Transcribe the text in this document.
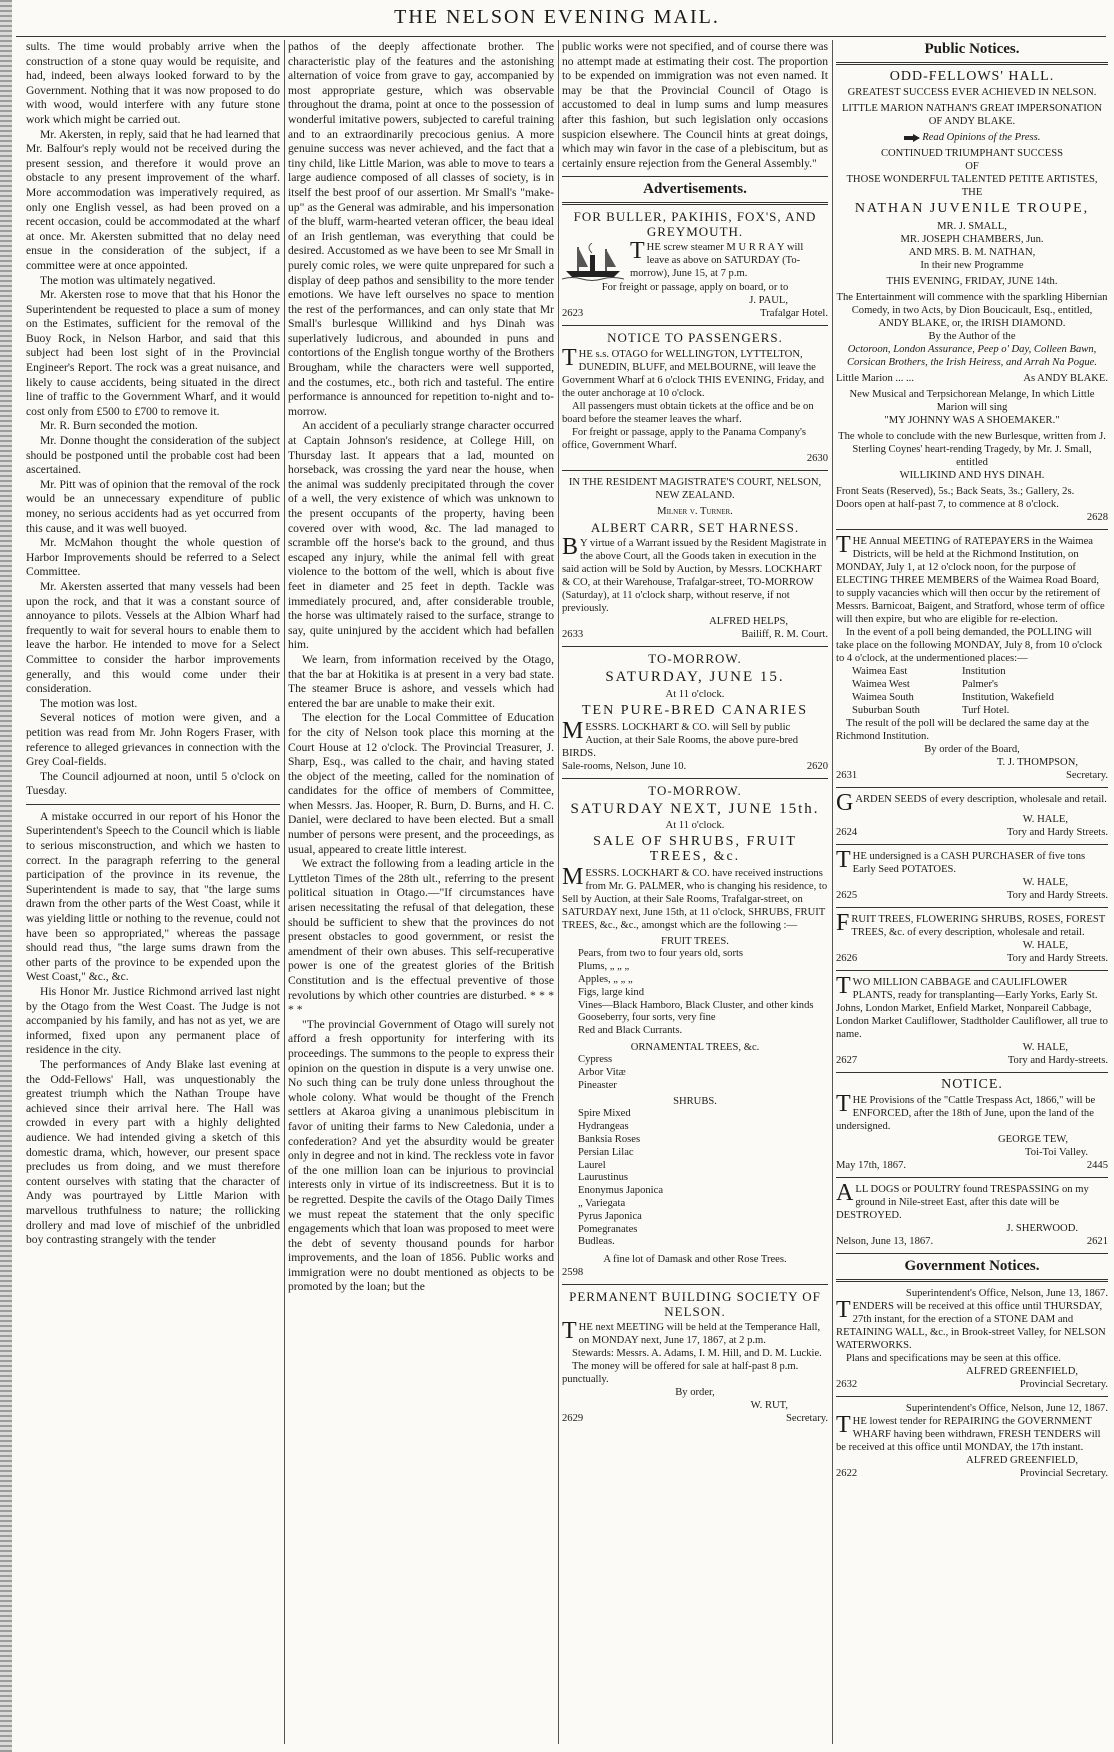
THE NELSON EVENING MAIL.

sults. The time would probably arrive when the construction of a stone quay would be requisite, and had, indeed, been always looked forward to by the Government. Nothing that it was now proposed to do with wood, would interfere with any future stone work which might be carried out.

Mr. Akersten, in reply, said that he had learned that Mr. Balfour's reply would not be received during the present session, and therefore it would prove an obstacle to any present improvement of the wharf. More accommodation was imperatively required, as only one English vessel, as had been proved on a recent occasion, could be accommodated at the wharf at once. Mr. Akersten submitted that no delay need ensue in the consideration of the subject, if a committee were at once appointed.

The motion was ultimately negatived.

Mr. Akersten rose to move that that his Honor the Superintendent be requested to place a sum of money on the Estimates, sufficient for the removal of the Buoy Rock, in Nelson Harbor, and said that this subject had been lost sight of in the Provincial Engineer's Report. The rock was a great nuisance, and likely to cause accidents, being situated in the direct line of traffic to the Government Wharf, and it would cost only from £500 to £700 to remove it.

Mr. R. Burn seconded the motion.

Mr. Donne thought the consideration of the subject should be postponed until the probable cost had been ascertained.

Mr. Pitt was of opinion that the removal of the rock would be an unnecessary expenditure of public money, no serious accidents had as yet occurred from this cause, and it was well buoyed.

Mr. McMahon thought the whole question of Harbor Improvements should be referred to a Select Committee.

Mr. Akersten asserted that many vessels had been upon the rock, and that it was a constant source of annoyance to pilots. Vessels at the Albion Wharf had frequently to wait for several hours to enable them to leave the harbor. He intended to move for a Select Committee to consider the harbor improvements generally, and this would come under their consideration.

The motion was lost.

Several notices of motion were given, and a petition was read from Mr. John Rogers Fraser, with reference to alleged grievances in connection with the Grey Coal-fields.

The Council adjourned at noon, until 5 o'clock on Tuesday.

A mistake occurred in our report of his Honor the Superintendent's Speech to the Council which is liable to serious misconstruction, and which we hasten to correct. In the paragraph referring to the general participation of the province in its revenue, the Superintendent is made to say, that "the large sums drawn from the other parts of the West Coast, while it was yielding little or nothing to the revenue, could not have been so appropriated," whereas the passage should read thus, "the large sums drawn from the other parts of the province to be expended upon the West Coast," &c., &c.

His Honor Mr. Justice Richmond arrived last night by the Otago from the West Coast. The Judge is not accompanied by his family, and has not as yet, we are informed, fixed upon any permanent place of residence in the city.

The performances of Andy Blake last evening at the Odd-Fellows' Hall, was unquestionably the greatest triumph which the Nathan Troupe have achieved since their arrival here. The Hall was crowded in every part with a highly delighted audience. We had intended giving a sketch of this domestic drama, which, however, our present space precludes us from doing, and we must therefore content ourselves with stating that the character of Andy was pourtrayed by Little Marion with marvellous truthfulness to nature; the rollicking drollery and mad love of mischief of the unbridled boy contrasting strangely with the tender

pathos of the deeply affectionate brother. The characteristic play of the features and the astonishing alternation of voice from grave to gay, accompanied by most appropriate gesture, which was observable throughout the drama, point at once to the possession of wonderful imitative powers, subjected to careful training and to an extraordinarily precocious genius. A more genuine success was never achieved, and the fact that a tiny child, like Little Marion, was able to move to tears a large audience composed of all classes of society, is in itself the best proof of our assertion. Mr Small's "make-up" as the General was admirable, and his impersonation of the bluff, warm-hearted veteran officer, the beau ideal of an Irish gentleman, was everything that could be desired. Accustomed as we have been to see Mr Small in purely comic roles, we were quite unprepared for such a display of deep pathos and sensibility to the more tender emotions. We have left ourselves no space to mention the rest of the performances, and can only state that Mr Small's burlesque Willikind and hys Dinah was superlatively ludicrous, and abounded in puns and contortions of the English tongue worthy of the Brothers Brougham, while the characters were well supported, and the costumes, etc., both rich and tasteful. The entire performance is announced for repetition to-night and to-morrow.

An accident of a peculiarly strange character occurred at Captain Johnson's residence, at College Hill, on Thursday last. It appears that a lad, mounted on horseback, was crossing the yard near the house, when the animal was suddenly precipitated through the cover of a well, the very existence of which was unknown to the present occupants of the property, having been covered over with wood, &c. The lad managed to scramble off the horse's back to the ground, and thus escaped any injury, while the animal fell with great violence to the bottom of the well, which is about five feet in diameter and 25 feet in depth. Tackle was immediately procured, and, after considerable trouble, the horse was ultimately raised to the surface, strange to say, quite uninjured by the accident which had befallen him.

We learn, from information received by the Otago, that the bar at Hokitika is at present in a very bad state. The steamer Bruce is ashore, and vessels which had entered the bar are unable to make their exit.

The election for the Local Committee of Education for the city of Nelson took place this morning at the Court House at 12 o'clock. The Provincial Treasurer, J. Sharp, Esq., was called to the chair, and having stated the object of the meeting, called for the nomination of candidates for the office of members of Committee, when Messrs. Jas. Hooper, R. Burn, D. Burns, and H. C. Daniel, were declared to have been elected. But a small number of persons were present, and the proceedings, as usual, appeared to create little interest.

We extract the following from a leading article in the Lyttleton Times of the 28th ult., referring to the present political situation in Otago.—"If circumstances have arisen necessitating the refusal of that delegation, these should be sufficient to shew that the provinces do not present obstacles to good government, or resist the amendment of their own abuses. This self-recuperative power is one of the greatest glories of the British Constitution and is the effectual preventive of those revolutions by which other countries are disturbed. * * * * *

"The provincial Government of Otago will surely not afford a fresh opportunity for interfering with its proceedings. The summons to the people to express their opinion on the question in dispute is a very unwise one. No such thing can be truly done unless throughout the whole colony. What would be thought of the French settlers at Akaroa giving a unanimous plebiscitum in favor of uniting their farms to New Caledonia, under a confederation? And yet the absurdity would be greater only in degree and not in kind. The reckless vote in favor of the one million loan can be injurious to provincial interests only in virtue of its indiscreetness. But it is to be regretted. Despite the cavils of the Otago Daily Times we must repeat the statement that the only specific engagements which that loan was proposed to meet were the debt of seventy thousand pounds for harbor improvements, and the loan of 1856. Public works and immigration were no doubt mentioned as objects to be promoted by the loan; but the

public works were not specified, and of course there was no attempt made at estimating their cost. The proportion to be expended on immigration was not even named. It may be that the Provincial Council of Otago is accustomed to deal in lump sums and lump measures after this fashion, but such legislation only occasions suspicion elsewhere. The Council hints at great doings, which may win favor in the case of a plebiscitum, but as certainly ensure rejection from the General Assembly."

Advertisements.
FOR BULLER, PAKIHIS, FOX'S, AND GREYMOUTH.
THE screw steamer M U R R A Y will leave as above on SATURDAY (To-morrow), June 15, at 7 p.m.
For freight or passage, apply on board, or to
J. PAUL,
2623	Trafalgar Hotel.
NOTICE TO PASSENGERS.
THE s.s. OTAGO for WELLINGTON, LYTTELTON, DUNEDIN, BLUFF, and MELBOURNE, will leave the Government Wharf at 6 o'clock THIS EVENING, Friday, and the outer anchorage at 10 o'clock.
All passengers must obtain tickets at the office and be on board before the steamer leaves the wharf.
For freight or passage, apply to the Panama Company's office, Government Wharf.
2630
IN THE RESIDENT MAGISTRATE'S COURT, NELSON, NEW ZEALAND.
Milner v. Turner.
ALBERT CARR, SET HARNESS.
BY virtue of a Warrant issued by the Resident Magistrate in the above Court, all the Goods taken in execution in the said action will be Sold by Auction, by Messrs. LOCKHART & CO, at their Warehouse, Trafalgar-street, TO-MORROW (Saturday), at 11 o'clock sharp, without reserve, if not previously.
ALFRED HELPS,
2633	Bailiff, R. M. Court.
TO-MORROW.
SATURDAY, JUNE 15.
At 11 o'clock.
TEN PURE-BRED CANARIES
MESSRS. LOCKHART & CO. will Sell by public Auction, at their Sale Rooms, the above pure-bred BIRDS.
Sale-rooms, Nelson, June 10.	2620
TO-MORROW.
SATURDAY NEXT, JUNE 15th.
At 11 o'clock.
SALE OF SHRUBS, FRUIT TREES, &c.
MESSRS. LOCKHART & CO. have received instructions from Mr. G. PALMER, who is changing his residence, to Sell by Auction, at their Sale Rooms, Trafalgar-street, on SATURDAY next, June 15th, at 11 o'clock, SHRUBS, FRUIT TREES, &c., &c., amongst which are the following :—
FRUIT TREES.
Pears, from two to four years old, sorts
Plums, „ „ „
Apples, „ „ „
Figs, large kind
Vines—Black Hamboro, Black Cluster, and other kinds
Gooseberry, four sorts, very fine
Red and Black Currants.
ORNAMENTAL TREES, &c.
Cypress
Arbor Vitæ
Pineaster
SHRUBS.
Spire Mixed
Hydrangeas
Banksia Roses
Persian Lilac
Laurel
Laurustinus
Enonymus Japonica
„ Variegata
Pyrus Japonica
Pomegranates
Budleas.
A fine lot of Damask and other Rose Trees.
2598
PERMANENT BUILDING SOCIETY OF NELSON.
THE next MEETING will be held at the Temperance Hall, on MONDAY next, June 17, 1867, at 2 p.m.
Stewards: Messrs. A. Adams, I. M. Hill, and D. M. Luckie.
The money will be offered for sale at half-past 8 p.m. punctually.
By order,
W. RUT,
2629	Secretary.
Public Notices.
ODD-FELLOWS' HALL.
GREATEST SUCCESS EVER ACHIEVED IN NELSON.
LITTLE MARION NATHAN'S GREAT IMPERSONATION OF ANDY BLAKE.
Read Opinions of the Press.
CONTINUED TRIUMPHANT SUCCESS
OF
THOSE WONDERFUL TALENTED PETITE ARTISTES,
THE
NATHAN JUVENILE TROUPE,
MR. J. SMALL,
MR. JOSEPH CHAMBERS, Jun.
AND MRS. B. M. NATHAN,
In their new Programme
THIS EVENING, FRIDAY, JUNE 14th.
The Entertainment will commence with the sparkling Hibernian Comedy, in two Acts, by Dion Boucicault, Esq., entitled,
ANDY BLAKE, or, the IRISH DIAMOND.
By the Author of the
Octoroon, London Assurance, Peep o' Day, Colleen Bawn, Corsican Brothers, the Irish Heiress, and Arrah Na Pogue.
Little Marion ... ...	As ANDY BLAKE.
New Musical and Terpsichorean Melange, In which Little Marion will sing
"MY JOHNNY WAS A SHOEMAKER."
The whole to conclude with the new Burlesque, written from J. Sterling Coynes' heart-rending Tragedy, by Mr. J. Small, entitled
WILLIKIND AND HYS DINAH.
Front Seats (Reserved), 5s.; Back Seats, 3s.; Gallery, 2s.
Doors open at half-past 7, to commence at 8 o'clock.
2628
THE Annual MEETING of RATEPAYERS in the Waimea Districts, will be held at the Richmond Institution, on MONDAY, July 1, at 12 o'clock noon, for the purpose of ELECTING THREE MEMBERS of the Waimea Road Board, to supply vacancies which will then occur by the retirement of Messrs. Barnicoat, Baigent, and Stratford, whose term of office will then expire, but who are eligible for re-election.
In the event of a poll being demanded, the POLLING will take place on the following MONDAY, July 8, from 10 o'clock to 4 o'clock, at the undermentioned places:—
Waimea East	Institution
Waimea West	Palmer's
Waimea South	Institution, Wakefield
Suburban South	Turf Hotel.
The result of the poll will be declared the same day at the Richmond Institution.
By order of the Board,
T. J. THOMPSON,
2631	Secretary.
GARDEN SEEDS of every description, wholesale and retail.
W. HALE,
2624	Tory and Hardy Streets.
THE undersigned is a CASH PURCHASER of five tons Early Seed POTATOES.
W. HALE,
2625	Tory and Hardy Streets.
FRUIT TREES, FLOWERING SHRUBS, ROSES, FOREST TREES, &c. of every description, wholesale and retail.
W. HALE,
2626	Tory and Hardy Streets.
TWO MILLION CABBAGE and CAULIFLOWER PLANTS, ready for transplanting—Early Yorks, Early St. Johns, London Market, Enfield Market, Nonpareil Cabbage, London Market Cauliflower, Stadtholder Cauliflower, all true to name.
W. HALE,
2627	Tory and Hardy-streets.
NOTICE.
THE Provisions of the "Cattle Trespass Act, 1866," will be ENFORCED, after the 18th of June, upon the land of the undersigned.
GEORGE TEW,
Toi-Toi Valley.
May 17th, 1867.	2445
ALL DOGS or POULTRY found TRESPASSING on my ground in Nile-street East, after this date will be DESTROYED.
J. SHERWOOD.
Nelson, June 13, 1867.	2621
Government Notices.
Superintendent's Office, Nelson, June 13, 1867.
TENDERS will be received at this office until THURSDAY, 27th instant, for the erection of a STONE DAM and RETAINING WALL, &c., in Brook-street Valley, for NELSON WATERWORKS.
Plans and specifications may be seen at this office.
ALFRED GREENFIELD,
2632	Provincial Secretary.
Superintendent's Office, Nelson, June 12, 1867.
THE lowest tender for REPAIRING the GOVERNMENT WHARF having been withdrawn, FRESH TENDERS will be received at this office until MONDAY, the 17th instant.
ALFRED GREENFIELD,
2622	Provincial Secretary.
